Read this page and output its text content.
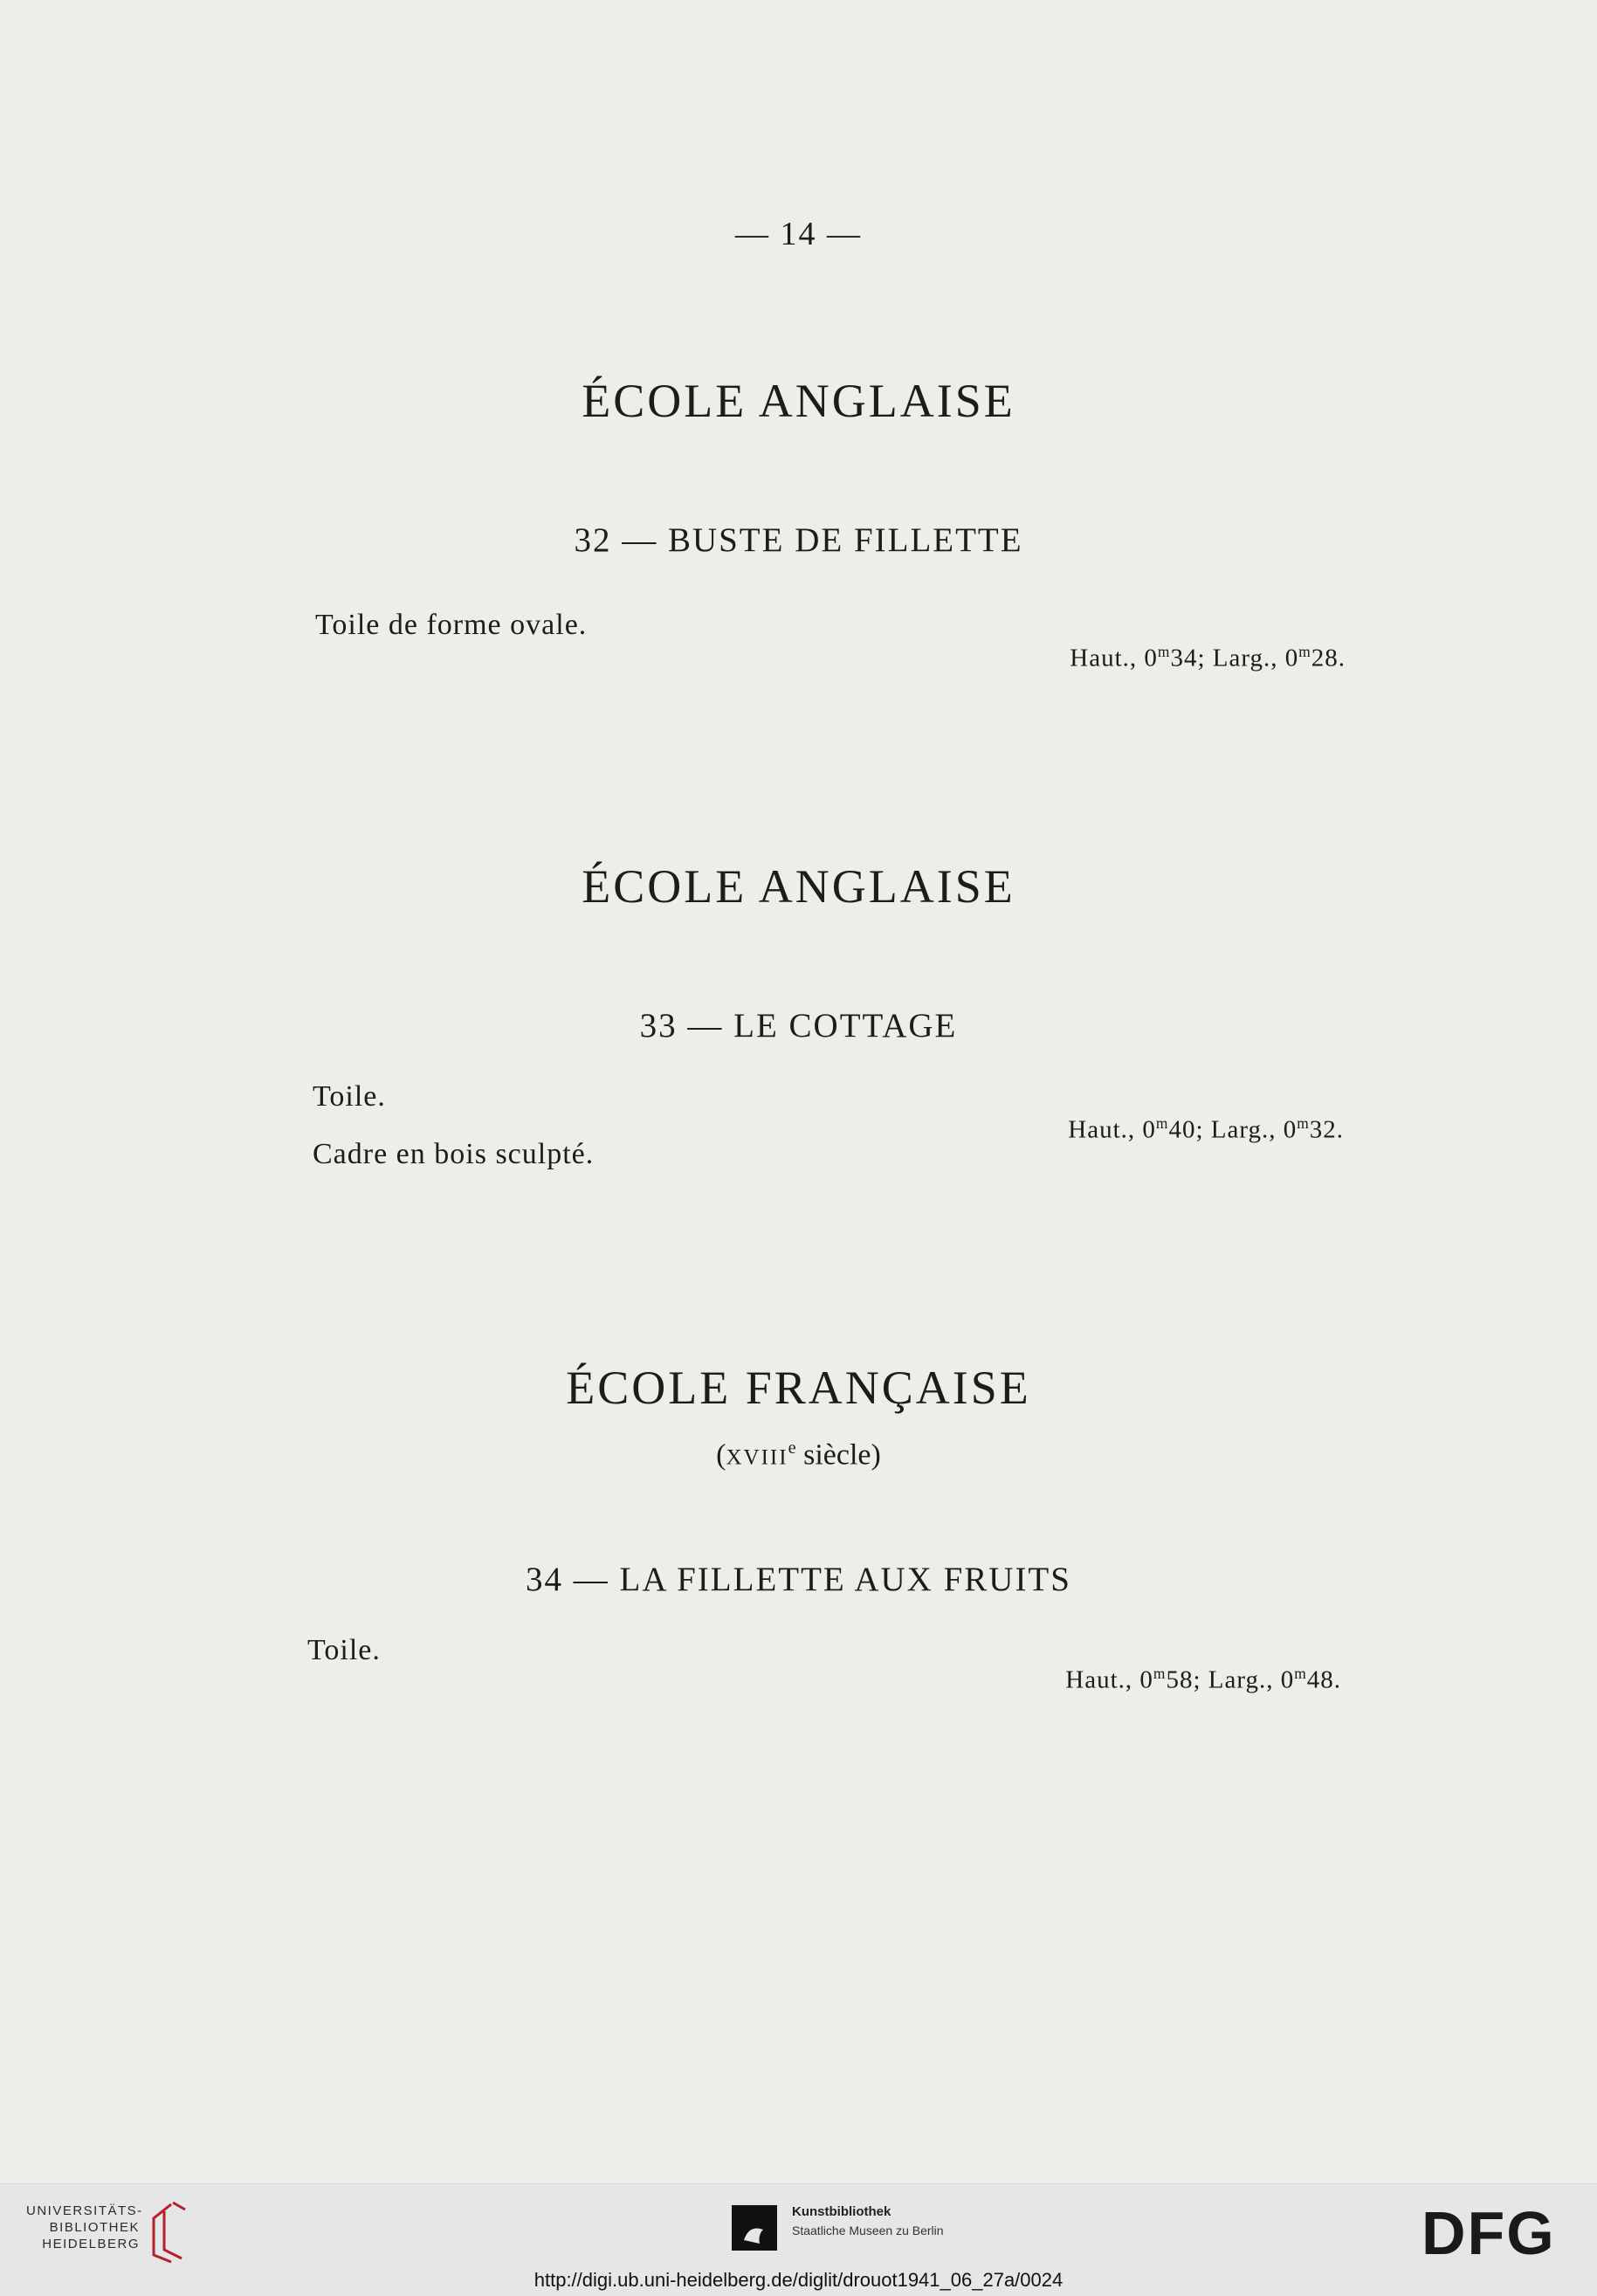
— 14 —
ÉCOLE ANGLAISE
32 — BUSTE DE FILLETTE
Toile de forme ovale.
Haut., 0$^m$34; Larg., 0$^m$28.
ÉCOLE ANGLAISE
33 — LE COTTAGE
Toile.
Cadre en bois sculpté.
Haut., 0$^m$40; Larg., 0$^m$32.
ÉCOLE FRANÇAISE
(XVIIIe siècle)
34 — LA FILLETTE AUX FRUITS
Toile.
Haut., 0$^m$58; Larg., 0$^m$48.
UNIVERSITÄTS-
BIBLIOTHEK
HEIDELBERG
Kunstbibliothek
Staatliche Museen zu Berlin	DFG
http://digi.ub.uni-heidelberg.de/diglit/drouot1941_06_27a/0024
